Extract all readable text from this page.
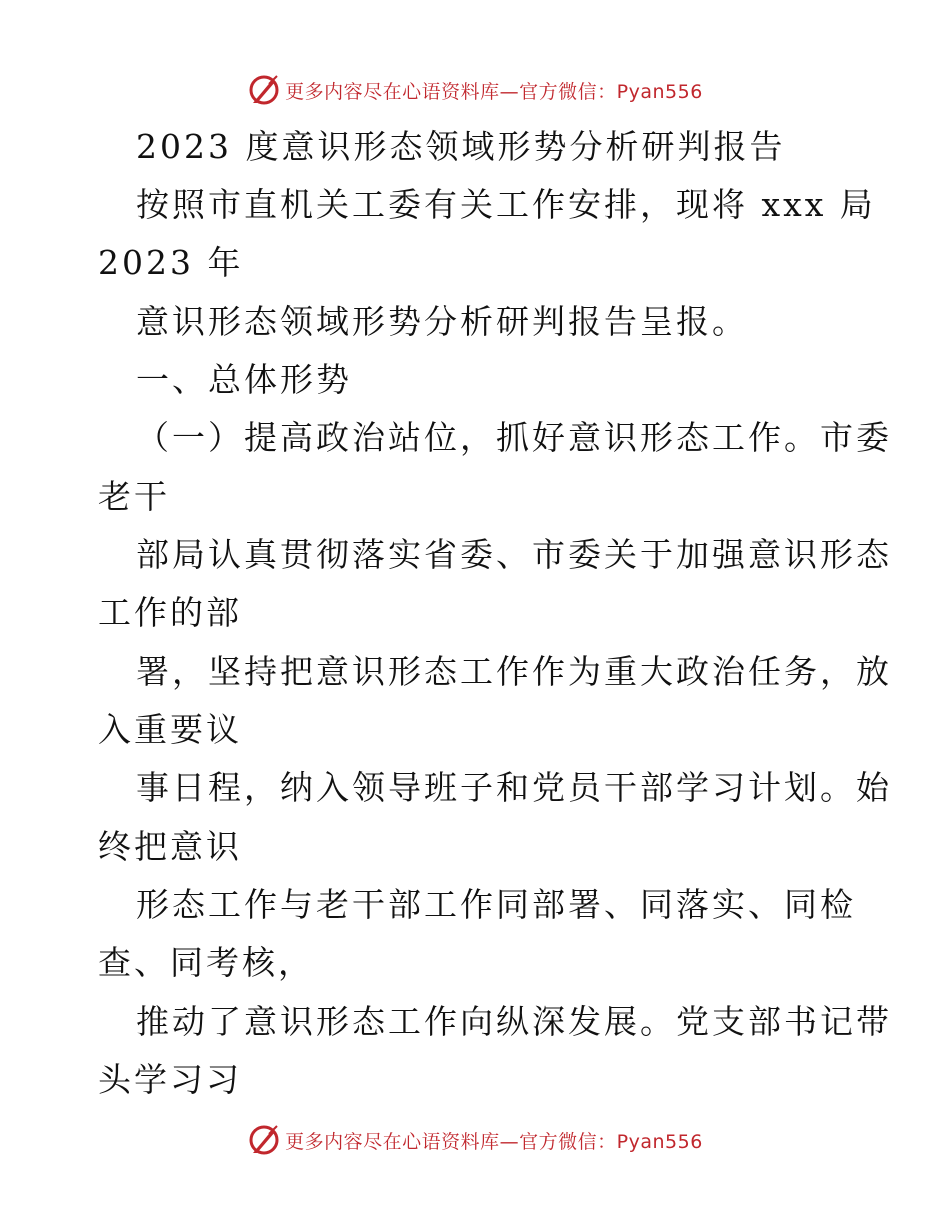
更多内容尽在心语资料库—官方微信：Pyan556
2023 度意识形态领域形势分析研判报告
按照市直机关工委有关工作安排，现将 xxx 局
2023 年
意识形态领域形势分析研判报告呈报。
一、总体形势
（一）提高政治站位，抓好意识形态工作。市委
老干
部局认真贯彻落实省委、市委关于加强意识形态
工作的部
署，坚持把意识形态工作作为重大政治任务，放
入重要议
事日程，纳入领导班子和党员干部学习计划。始
终把意识
形态工作与老干部工作同部署、同落实、同检
查、同考核，
推动了意识形态工作向纵深发展。党支部书记带
头学习习
更多内容尽在心语资料库—官方微信：Pyan556
